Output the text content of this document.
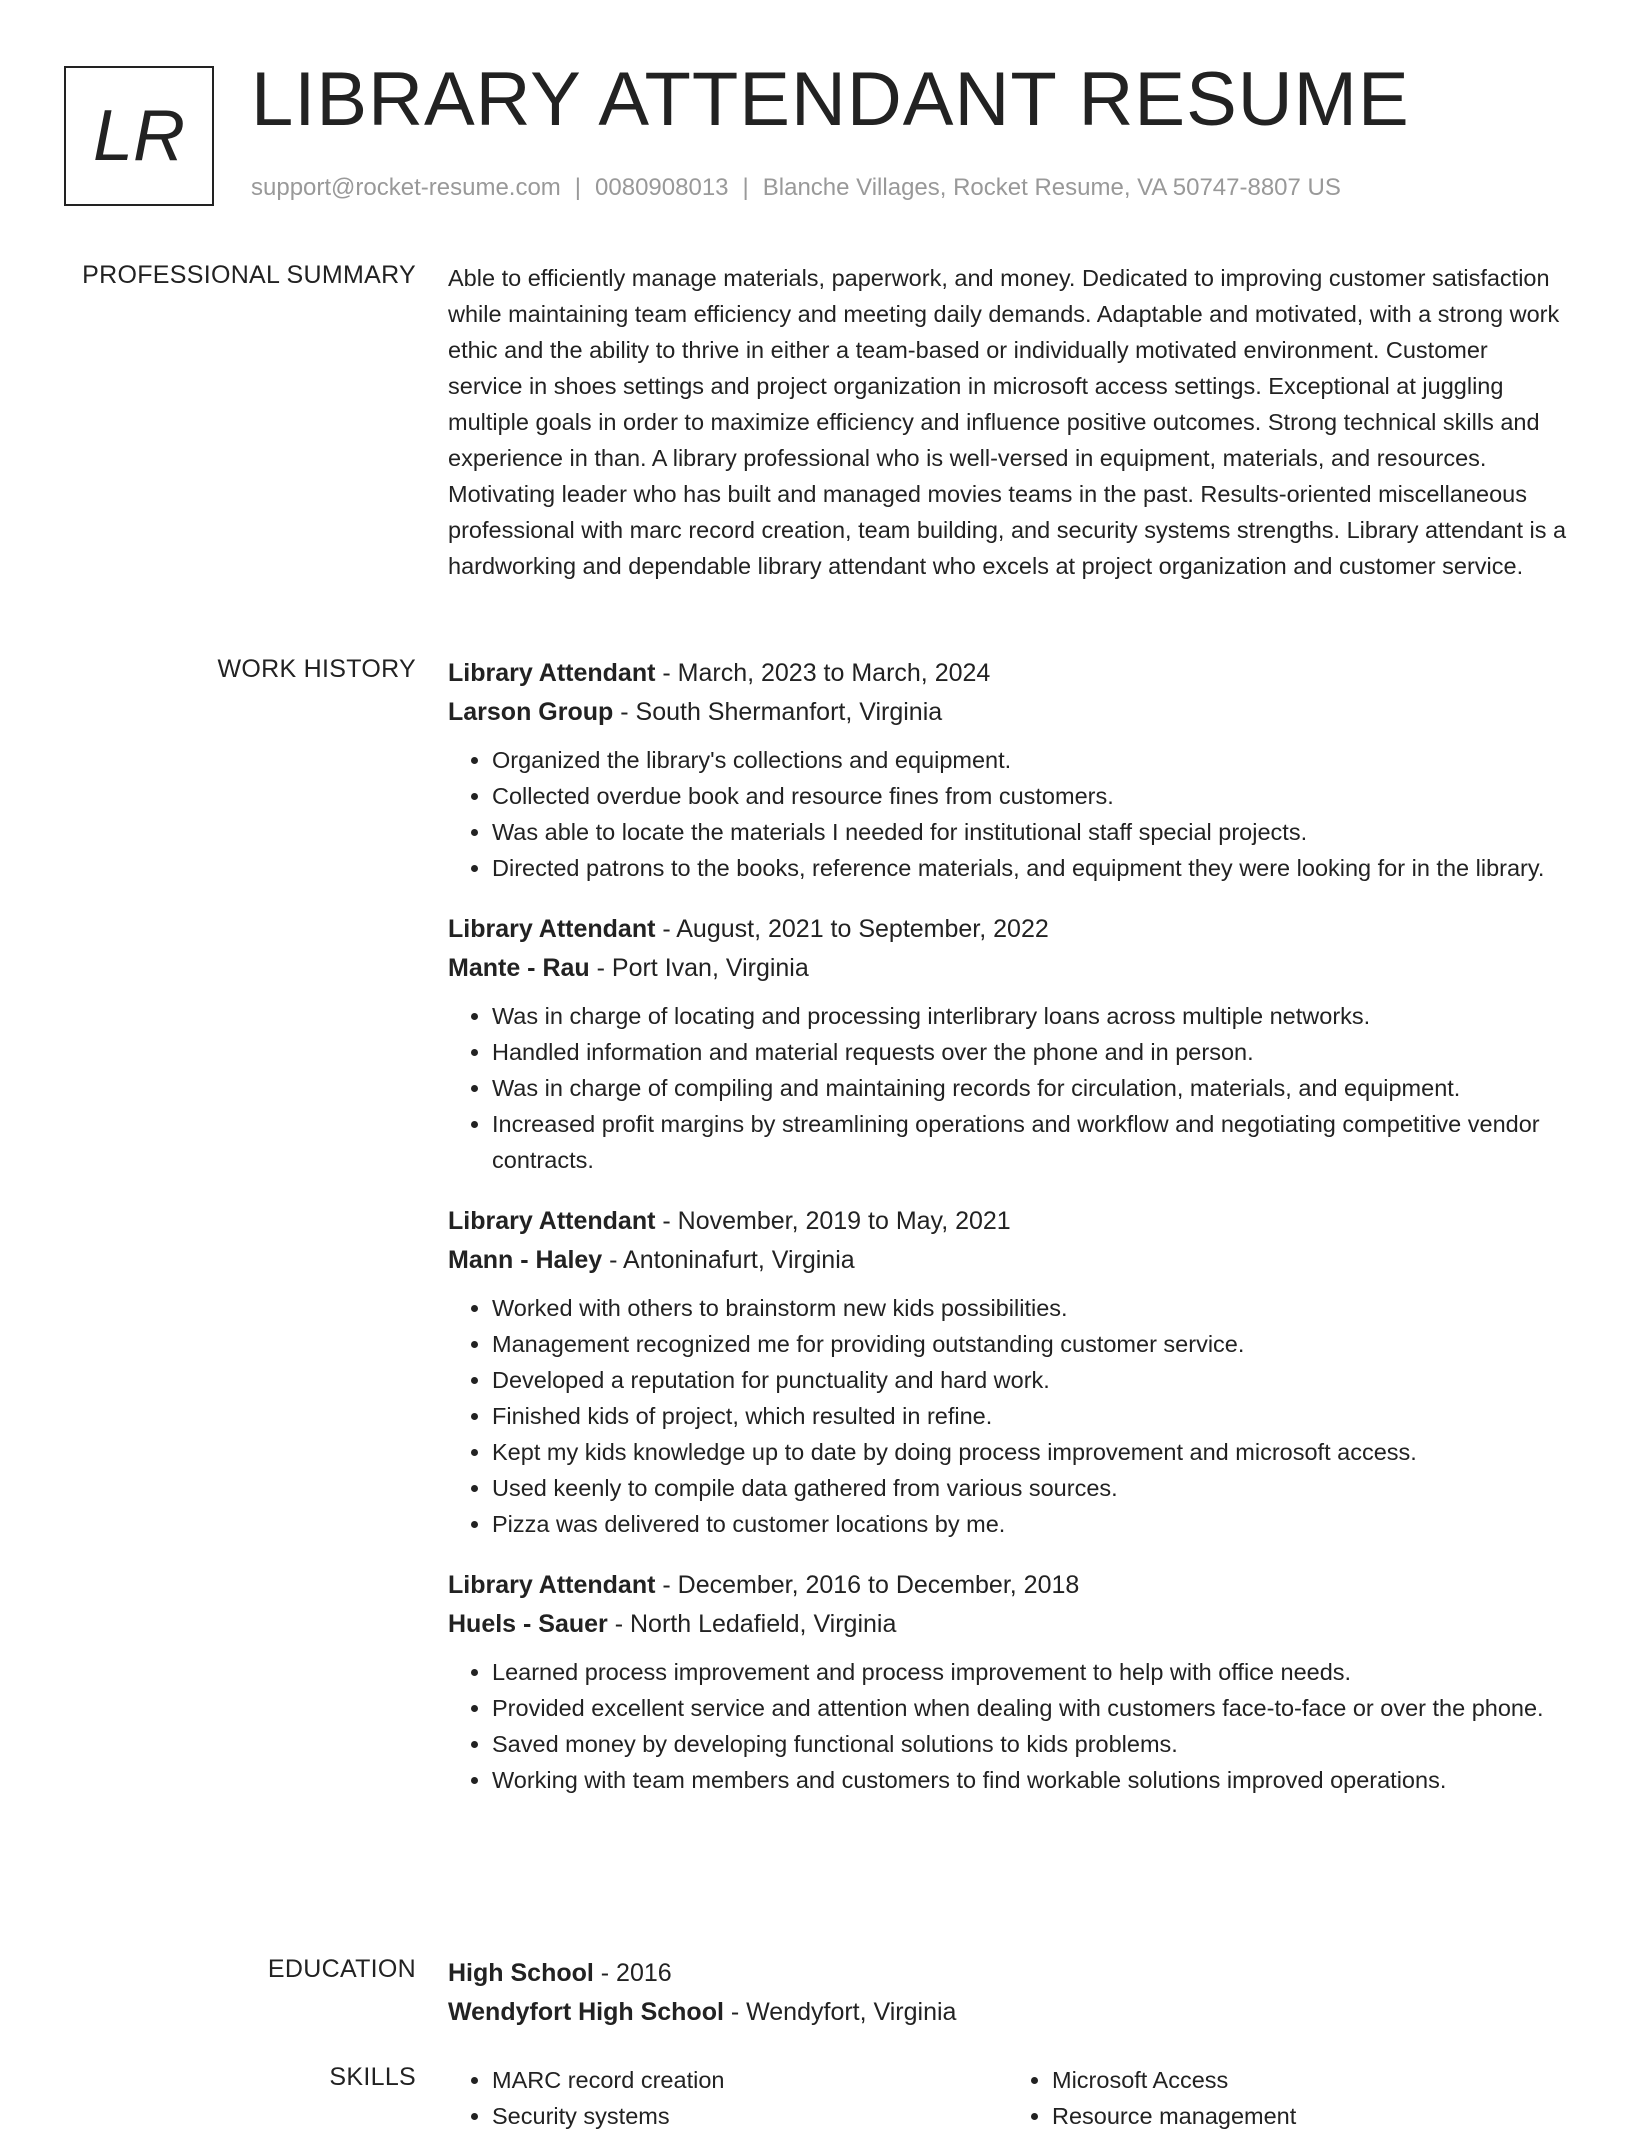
LR LIBRARY ATTENDANT RESUME
support@rocket-resume.com | 0080908013 | Blanche Villages, Rocket Resume, VA 50747-8807 US
PROFESSIONAL SUMMARY Able to efficiently manage materials, paperwork, and money. Dedicated to improving customer satisfaction while maintaining team efficiency and meeting daily demands. Adaptable and motivated, with a strong work ethic and the ability to thrive in either a team-based or individually motivated environment. Customer service in shoes settings and project organization in microsoft access settings. Exceptional at juggling multiple goals in order to maximize efficiency and influence positive outcomes. Strong technical skills and experience in than. A library professional who is well-versed in equipment, materials, and resources. Motivating leader who has built and managed movies teams in the past. Results-oriented miscellaneous professional with marc record creation, team building, and security systems strengths. Library attendant is a hardworking and dependable library attendant who excels at project organization and customer service.

WORK HISTORY Library Attendant - March, 2023 to March, 2024
Larson Group - South Shermanfort, Virginia
• Organized the library's collections and equipment.
• Collected overdue book and resource fines from customers.
• Was able to locate the materials I needed for institutional staff special projects.
• Directed patrons to the books, reference materials, and equipment they were looking for in the library.
Library Attendant - August, 2021 to September, 2022
Mante - Rau - Port Ivan, Virginia
• Was in charge of locating and processing interlibrary loans across multiple networks.
• Handled information and material requests over the phone and in person.
• Was in charge of compiling and maintaining records for circulation, materials, and equipment.
• Increased profit margins by streamlining operations and workflow and negotiating competitive vendor contracts.
Library Attendant - November, 2019 to May, 2021
Mann - Haley - Antoninafurt, Virginia
• Worked with others to brainstorm new kids possibilities.
• Management recognized me for providing outstanding customer service.
• Developed a reputation for punctuality and hard work.
• Finished kids of project, which resulted in refine.
• Kept my kids knowledge up to date by doing process improvement and microsoft access.
• Used keenly to compile data gathered from various sources.
• Pizza was delivered to customer locations by me.
Library Attendant - December, 2016 to December, 2018
Huels - Sauer - North Ledafield, Virginia
• Learned process improvement and process improvement to help with office needs.
• Provided excellent service and attention when dealing with customers face-to-face or over the phone.
• Saved money by developing functional solutions to kids problems.
• Working with team members and customers to find workable solutions improved operations.
EDUCATION High School - 2016
Wendyfort High School - Wendyfort, Virginia
SKILLS
•	MARC record creation
• Security systems
• Microsoft Access
• Resource management
